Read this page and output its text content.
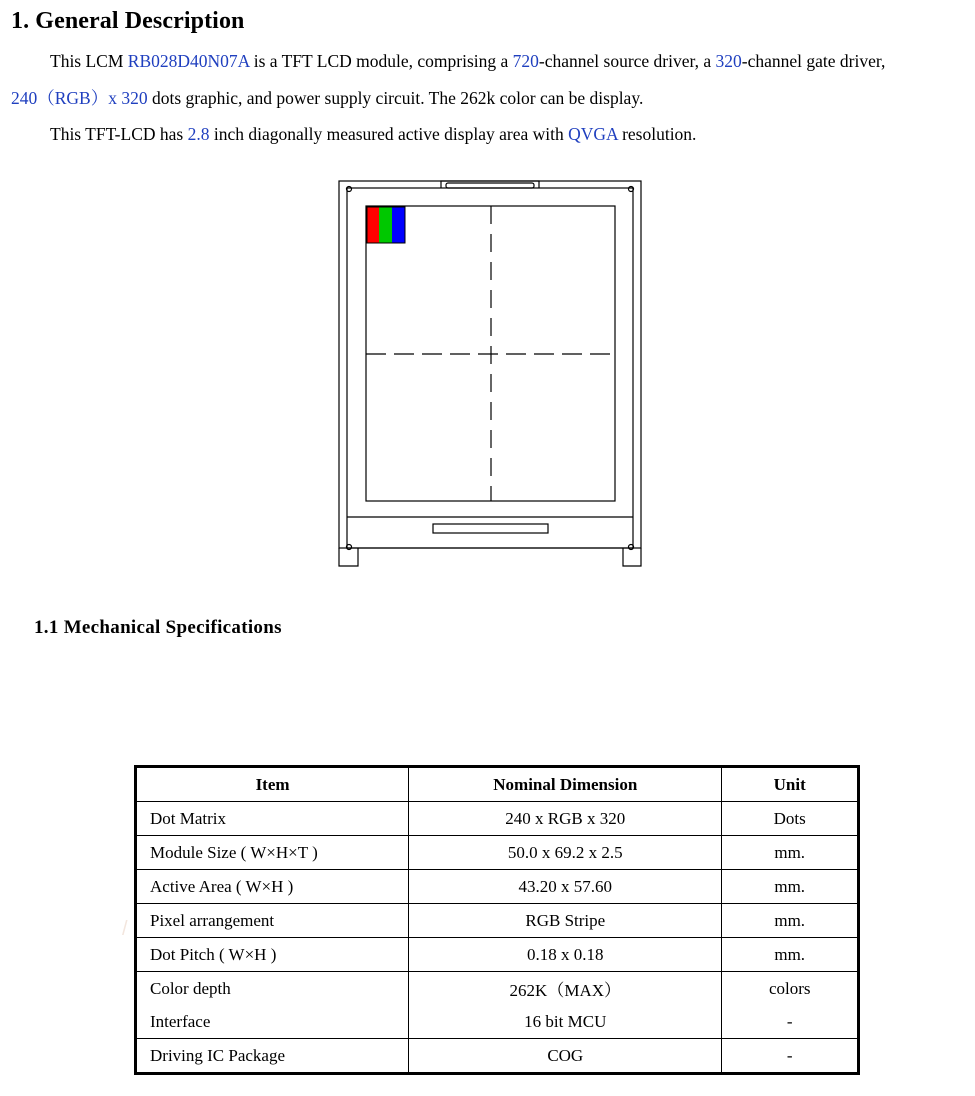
1. General Description
This LCM RB028D40N07A is a TFT LCD module, comprising a 720-channel source driver, a 320-channel gate driver,
240（RGB）x 320 dots graphic, and power supply circuit. The 262k color can be display.
This TFT-LCD has 2.8 inch diagonally measured active display area with QVGA resolution.
1.1 Mechanical Specifications
/
Item	Nominal Dimension	Unit
Dot Matrix	240 x RGB x 320	Dots
Module Size ( W×H×T )	50.0 x 69.2 x 2.5	mm.
Active Area ( W×H )	43.20 x 57.60	mm.
Pixel arrangement	RGB Stripe	mm.
Dot Pitch ( W×H )	0.18 x 0.18	mm.
Color depth	262K（MAX）	colors
Interface	16 bit MCU	-
Driving IC Package	COG	-
